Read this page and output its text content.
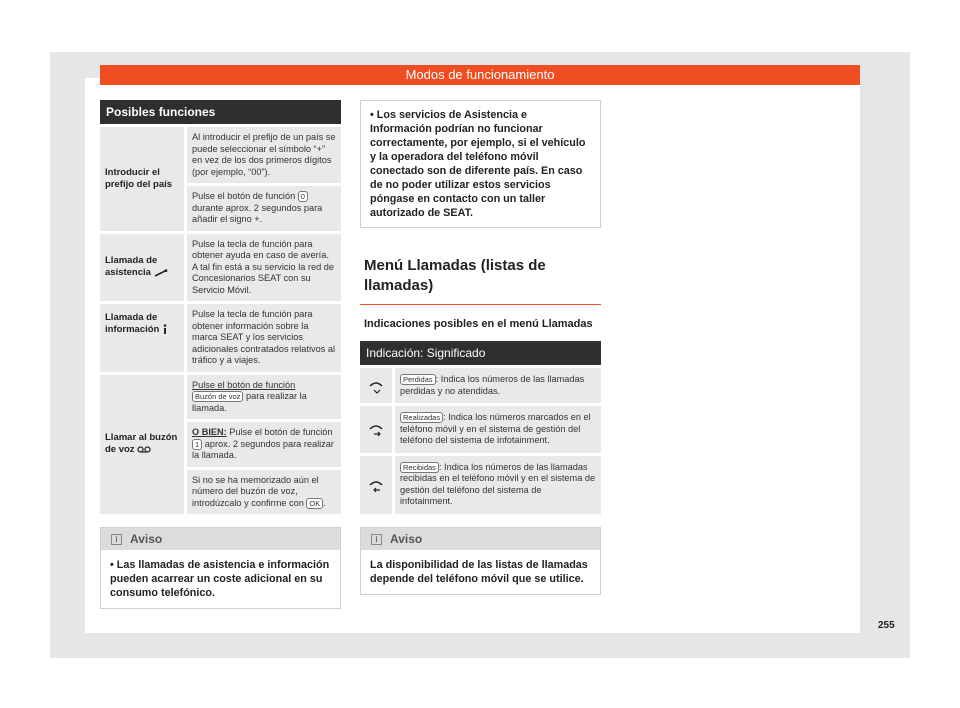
Modos de funcionamiento
Posibles funciones
Introducir el prefijo del país
Al introducir el prefijo de un país se puede seleccionar el símbolo “+” en vez de los dos primeros dígitos (por ejemplo, “00”).
Pulse el botón de función 0 durante aprox. 2 segundos para añadir el signo +.
Llamada de asistencia
Pulse la tecla de función para obtener ayuda en caso de avería. A tal fin está a su servicio la red de Concesionarios SEAT con su Servicio Móvil.
Llamada de información
Pulse la tecla de función para obtener información sobre la marca SEAT y los servicios adicionales contratados relativos al tráfico y a viajes.
Llamar al buzón de voz
Pulse el botón de función Buzón de voz para realizar la llamada.
O BIEN: Pulse el botón de función 1 aprox. 2 segundos para realizar la llamada.
Si no se ha memorizado aún el número del buzón de voz, introdúzcalo y confirme con OK .
i Aviso
• Las llamadas de asistencia e información pueden acarrear un coste adicional en su consumo telefónico.
• Los servicios de Asistencia e Información podrían no funcionar correctamente, por ejemplo, si el vehículo y la operadora del teléfono móvil conectado son de diferente país. En caso de no poder utilizar estos servicios póngase en contacto con un taller autorizado de SEAT.
Menú Llamadas (listas de llamadas)
Indicaciones posibles en el menú Llamadas
Indicación: Significado
Perdidas : Indica los números de las llamadas perdidas y no atendidas.
Realizadas : Indica los números marcados en el teléfono móvil y en el sistema de gestión del teléfono del sistema de infotainment.
Recibidas : Indica los números de las llamadas recibidas en el teléfono móvil y en el sistema de gestión del teléfono del sistema de infotainment.
i Aviso
La disponibilidad de las listas de llamadas depende del teléfono móvil que se utilice.
255
